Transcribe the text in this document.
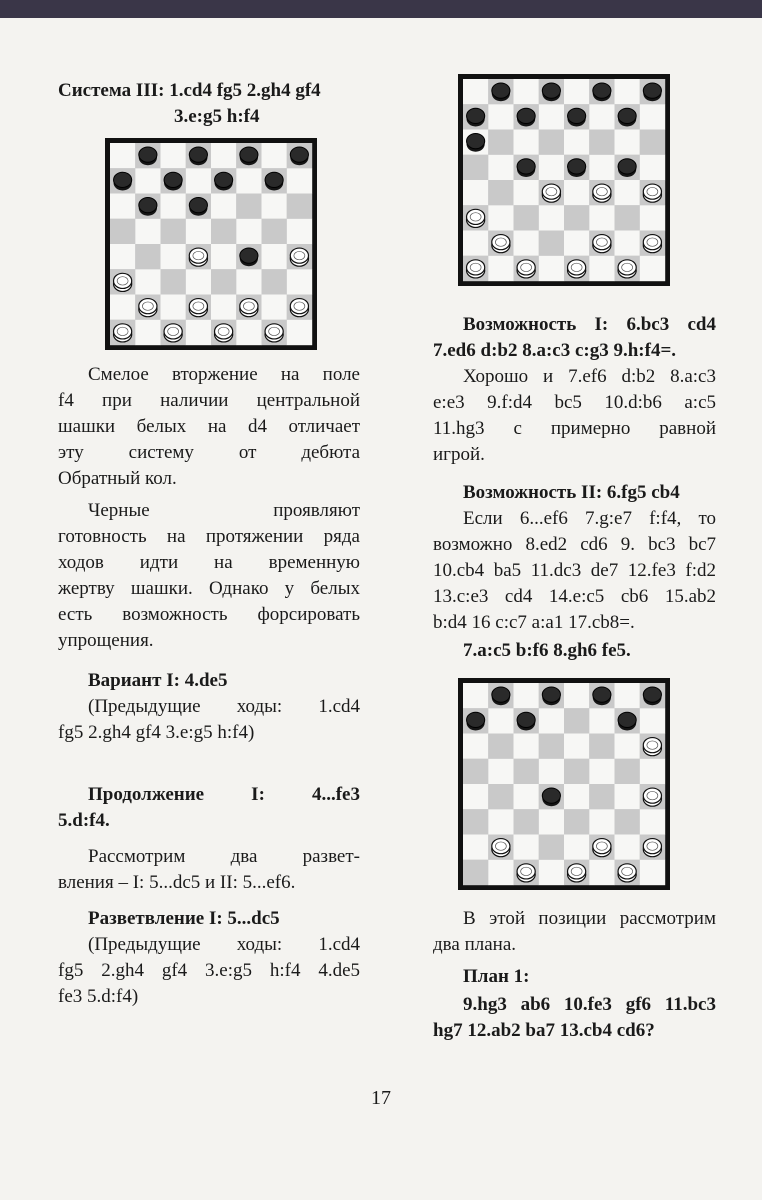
Система III: 1.cd4 fg5 2.gh4 gf4

3.e:g5 h:f4

Смелое вторжение на поле

f4 при наличии центральной

шашки белых на d4 отличает

эту систему от дебюта

Обратный кол.

Черные проявляют

готовность на протяжении ряда

ходов идти на временную

жертву шашки. Однако у белых

есть возможность форсировать

упрощения.

Вариант I: 4.de5

(Предыдущие ходы: 1.cd4

fg5 2.gh4 gf4 3.e:g5 h:f4)

Продолжение I: 4...fe3

5.d:f4.

Рассмотрим два развет-

вления – I: 5...dc5 и II: 5...ef6.

Разветвление I: 5...dc5

(Предыдущие ходы: 1.cd4

fg5 2.gh4 gf4 3.e:g5 h:f4 4.de5

fe3 5.d:f4)

Возможность I: 6.bc3 cd4

7.ed6 d:b2 8.a:c3 c:g3 9.h:f4=.

Хорошо и 7.ef6 d:b2 8.a:c3

e:e3 9.f:d4 bc5 10.d:b6 a:c5

11.hg3 с примерно равной

игрой.

Возможность II: 6.fg5 cb4

Если 6...ef6 7.g:e7 f:f4, то

возможно 8.ed2 cd6 9. bc3 bc7

10.cb4 ba5 11.dc3 de7 12.fe3 f:d2

13.c:e3 cd4 14.e:c5 cb6 15.ab2

b:d4 16 c:c7 a:a1 17.cb8=.

7.a:c5 b:f6 8.gh6 fe5.

В этой позиции рассмотрим

два плана.

План 1:

9.hg3 ab6 10.fe3 gf6 11.bc3

hg7 12.ab2 ba7 13.cb4 cd6?

17
